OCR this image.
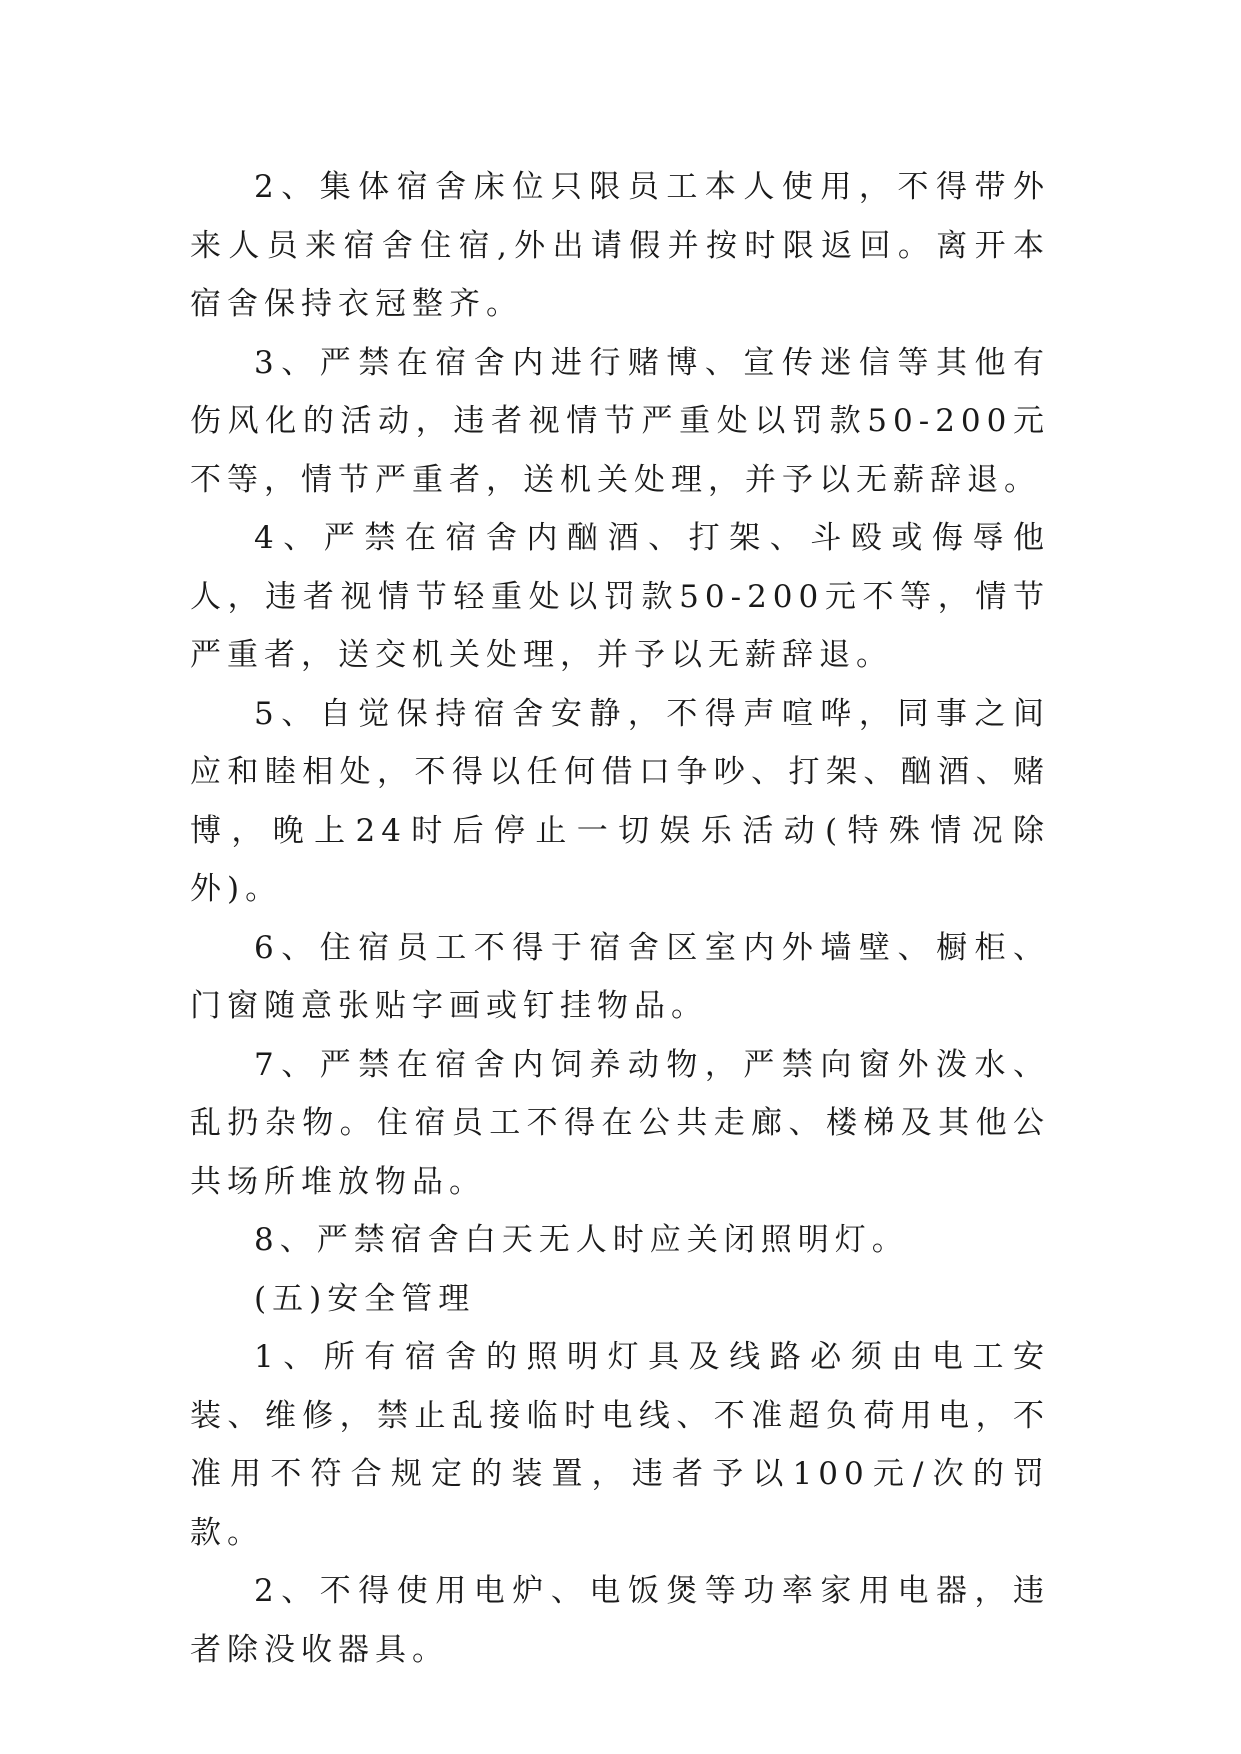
2、集体宿舍床位只限员工本人使用，不得带外来人员来宿舍住宿,外出请假并按时限返回。离开本宿舍保持衣冠整齐。

3、严禁在宿舍内进行赌博、宣传迷信等其他有伤风化的活动，违者视情节严重处以罚款50-200元不等，情节严重者，送机关处理，并予以无薪辞退。

4、严禁在宿舍内酗酒、打架、斗殴或侮辱他人，违者视情节轻重处以罚款50-200元不等，情节严重者，送交机关处理，并予以无薪辞退。

5、自觉保持宿舍安静，不得声喧哗，同事之间应和睦相处，不得以任何借口争吵、打架、酗酒、赌博，晚上24时后停止一切娱乐活动(特殊情况除外)。

6、住宿员工不得于宿舍区室内外墙壁、橱柜、门窗随意张贴字画或钉挂物品。

7、严禁在宿舍内饲养动物，严禁向窗外泼水、乱扔杂物。住宿员工不得在公共走廊、楼梯及其他公共场所堆放物品。

8、严禁宿舍白天无人时应关闭照明灯。

(五)安全管理

1、所有宿舍的照明灯具及线路必须由电工安装、维修，禁止乱接临时电线、不准超负荷用电，不准用不符合规定的装置，违者予以100元/次的罚款。

2、不得使用电炉、电饭煲等功率家用电器，违者除没收器具。
